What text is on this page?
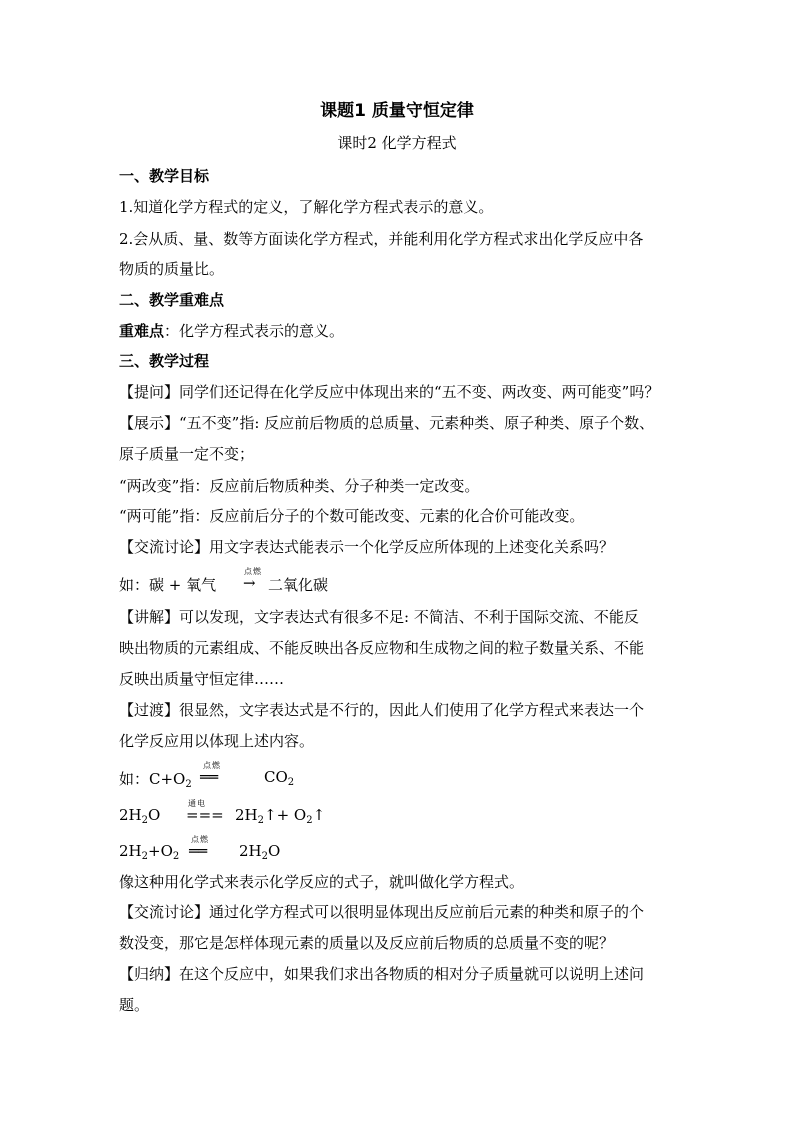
课题1 质量守恒定律
课时2 化学方程式
一、教学目标
1.知道化学方程式的定义，了解化学方程式表示的意义。
2.会从质、量、数等方面读化学方程式，并能利用化学方程式求出化学反应中各
物质的质量比。
二、教学重难点
重难点：化学方程式表示的意义。
三、教学过程
【提问】同学们还记得在化学反应中体现出来的“五不变、两改变、两可能变”吗？
【展示】“五不变”指: 反应前后物质的总质量、元素种类、原子种类、原子个数、
原子质量一定不变；
“两改变”指：反应前后物质种类、分子种类一定改变。
“两可能”指：反应前后分子的个数可能改变、元素的化合价可能改变。
【交流讨论】用文字表达式能表示一个化学反应所体现的上述变化关系吗？
如：碳 + 氧气
点燃
→ 二氧化碳
【讲解】可以发现，文字表达式有很多不足: 不简洁、不利于国际交流、不能反
映出物质的元素组成、不能反映出各反应物和生成物之间的粒子数量关系、不能
反映出质量守恒定律……
【过渡】很显然，文字表达式是不行的，因此人们使用了化学方程式来表达一个
化学反应用以体现上述内容。
如：$C+O_2$
点燃
══	$CO_2$
$2H_2O$
通电
=== $2H_2↑+$ $O_2↑$
$2H_2+O_2$
点燃
══ $2H_2O$
像这种用化学式来表示化学反应的式子，就叫做化学方程式。
【交流讨论】通过化学方程式可以很明显体现出反应前后元素的种类和原子的个
数没变，那它是怎样体现元素的质量以及反应前后物质的总质量不变的呢？
【归纳】在这个反应中，如果我们求出各物质的相对分子质量就可以说明上述问
题。
